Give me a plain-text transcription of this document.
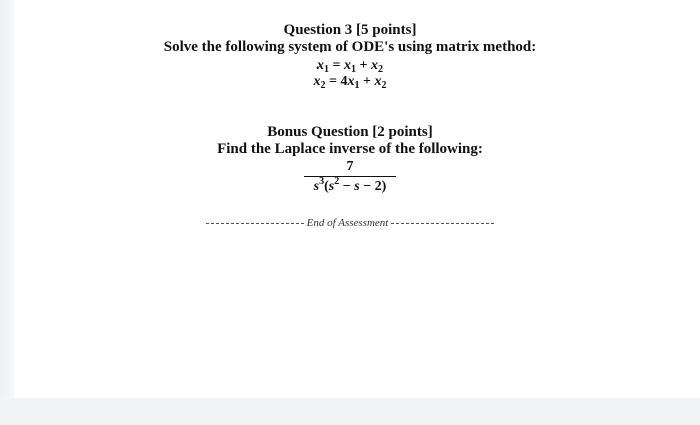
Question 3 [5 points]
Solve the following system of ODE's using matrix method:
˙ $x_1 = x_1 + x_2$
˙ $x_2 = 4x_1 + x_2$
Bonus Question [2 points]
Find the Laplace inverse of the following:
$\frac{7}{s^3(s^2 - s - 2)}$
End of Assessment
